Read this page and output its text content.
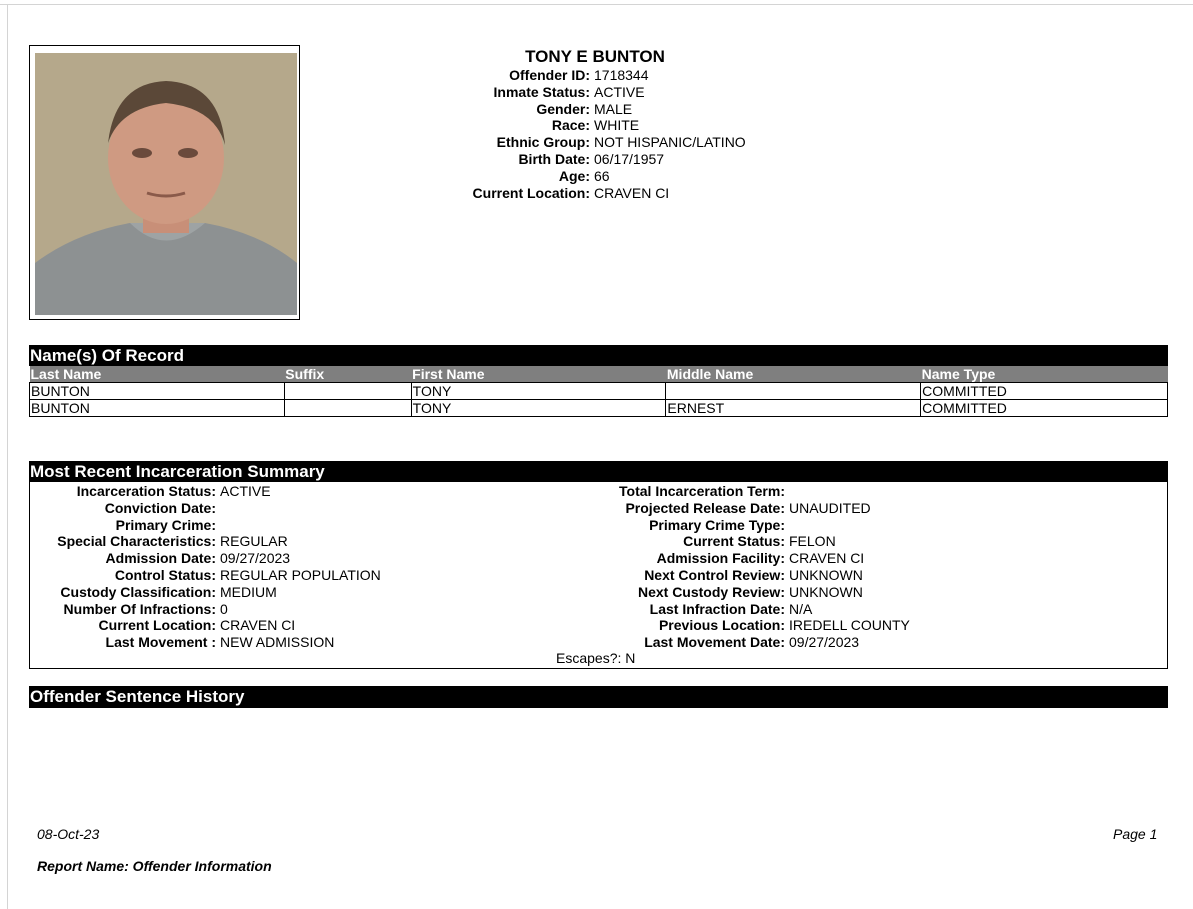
TONY E BUNTON
Offender ID: 1718344
Inmate Status: ACTIVE
Gender: MALE
Race: WHITE
Ethnic Group: NOT HISPANIC/LATINO
Birth Date: 06/17/1957
Age: 66
Current Location: CRAVEN CI
Name(s) Of Record
Last Name	Suffix	First Name	Middle Name	Name Type
BUNTON		TONY		COMMITTED
BUNTON		TONY	ERNEST	COMMITTED
Most Recent Incarceration Summary
Incarceration Status: ACTIVE
Conviction Date:
Primary Crime:
Special Characteristics: REGULAR
Admission Date: 09/27/2023
Control Status: REGULAR POPULATION
Custody Classification: MEDIUM
Number Of Infractions: 0
Current Location: CRAVEN CI
Last Movement : NEW ADMISSION
Total Incarceration Term:
Projected Release Date: UNAUDITED
Primary Crime Type:
Current Status: FELON
Admission Facility: CRAVEN CI
Next Control Review: UNKNOWN
Next Custody Review: UNKNOWN
Last Infraction Date: N/A
Previous Location: IREDELL COUNTY
Last Movement Date: 09/27/2023
Escapes?: N
Offender Sentence History
08-Oct-23	Page 1
Report Name: Offender Information
